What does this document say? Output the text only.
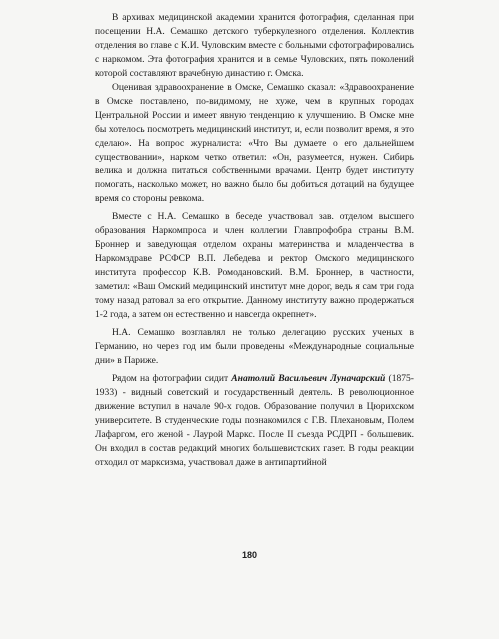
В архивах медицинской академии хранится фотография, сделанная при посещении Н.А. Семашко детского туберкулезного отделения. Коллектив отделения во главе с К.И. Чуловским вместе с больными сфотографировались с наркомом. Эта фотография хранится и в семье Чуловских, пять поколений которой составляют врачебную династию г. Омска.

Оценивая здравоохранение в Омске, Семашко сказал: «Здравоохранение в Омске поставлено, по-видимому, не хуже, чем в крупных городах Центральной России и имеет явную тенденцию к улучшению. В Омске мне бы хотелось посмотреть медицинский институт, и, если позволит время, я это сделаю». На вопрос журналиста: «Что Вы думаете о его дальнейшем существовании», нарком четко ответил: «Он, разумеется, нужен. Сибирь велика и должна питаться собственными врачами. Центр будет институту помогать, насколько может, но важно было бы добиться дотаций на будущее время со стороны ревкома.

Вместе с Н.А. Семашко в беседе участвовал зав. отделом высшего образования Наркомпроса и член коллегии Главпрофобра страны В.М. Броннер и заведующая отделом охраны материнства и младенчества в Наркомздраве РСФСР В.П. Лебедева и ректор Омского медицинского института профессор К.В. Ромодановский. В.М. Броннер, в частности, заметил: «Ваш Омский медицинский институт мне дорог, ведь я сам три года тому назад ратовал за его открытие. Данному институту важно продержаться 1-2 года, а затем он естественно и навсегда окрепнет».

Н.А. Семашко возглавлял не только делегацию русских ученых в Германию, но через год им были проведены «Международные социальные дни» в Париже.

Рядом на фотографии сидит Анатолий Васильевич Луначарский (1875-1933) - видный советский и государственный деятель. В революционное движение вступил в начале 90-х годов. Образование получил в Цюрихском университете. В студенческие годы познакомился с Г.В. Плехановым, Полем Лафаргом, его женой - Лаурой Маркс. После II съезда РСДРП - большевик. Он входил в состав редакций многих большевистских газет. В годы реакции отходил от марксизма, участвовал даже в антипартийной

180
